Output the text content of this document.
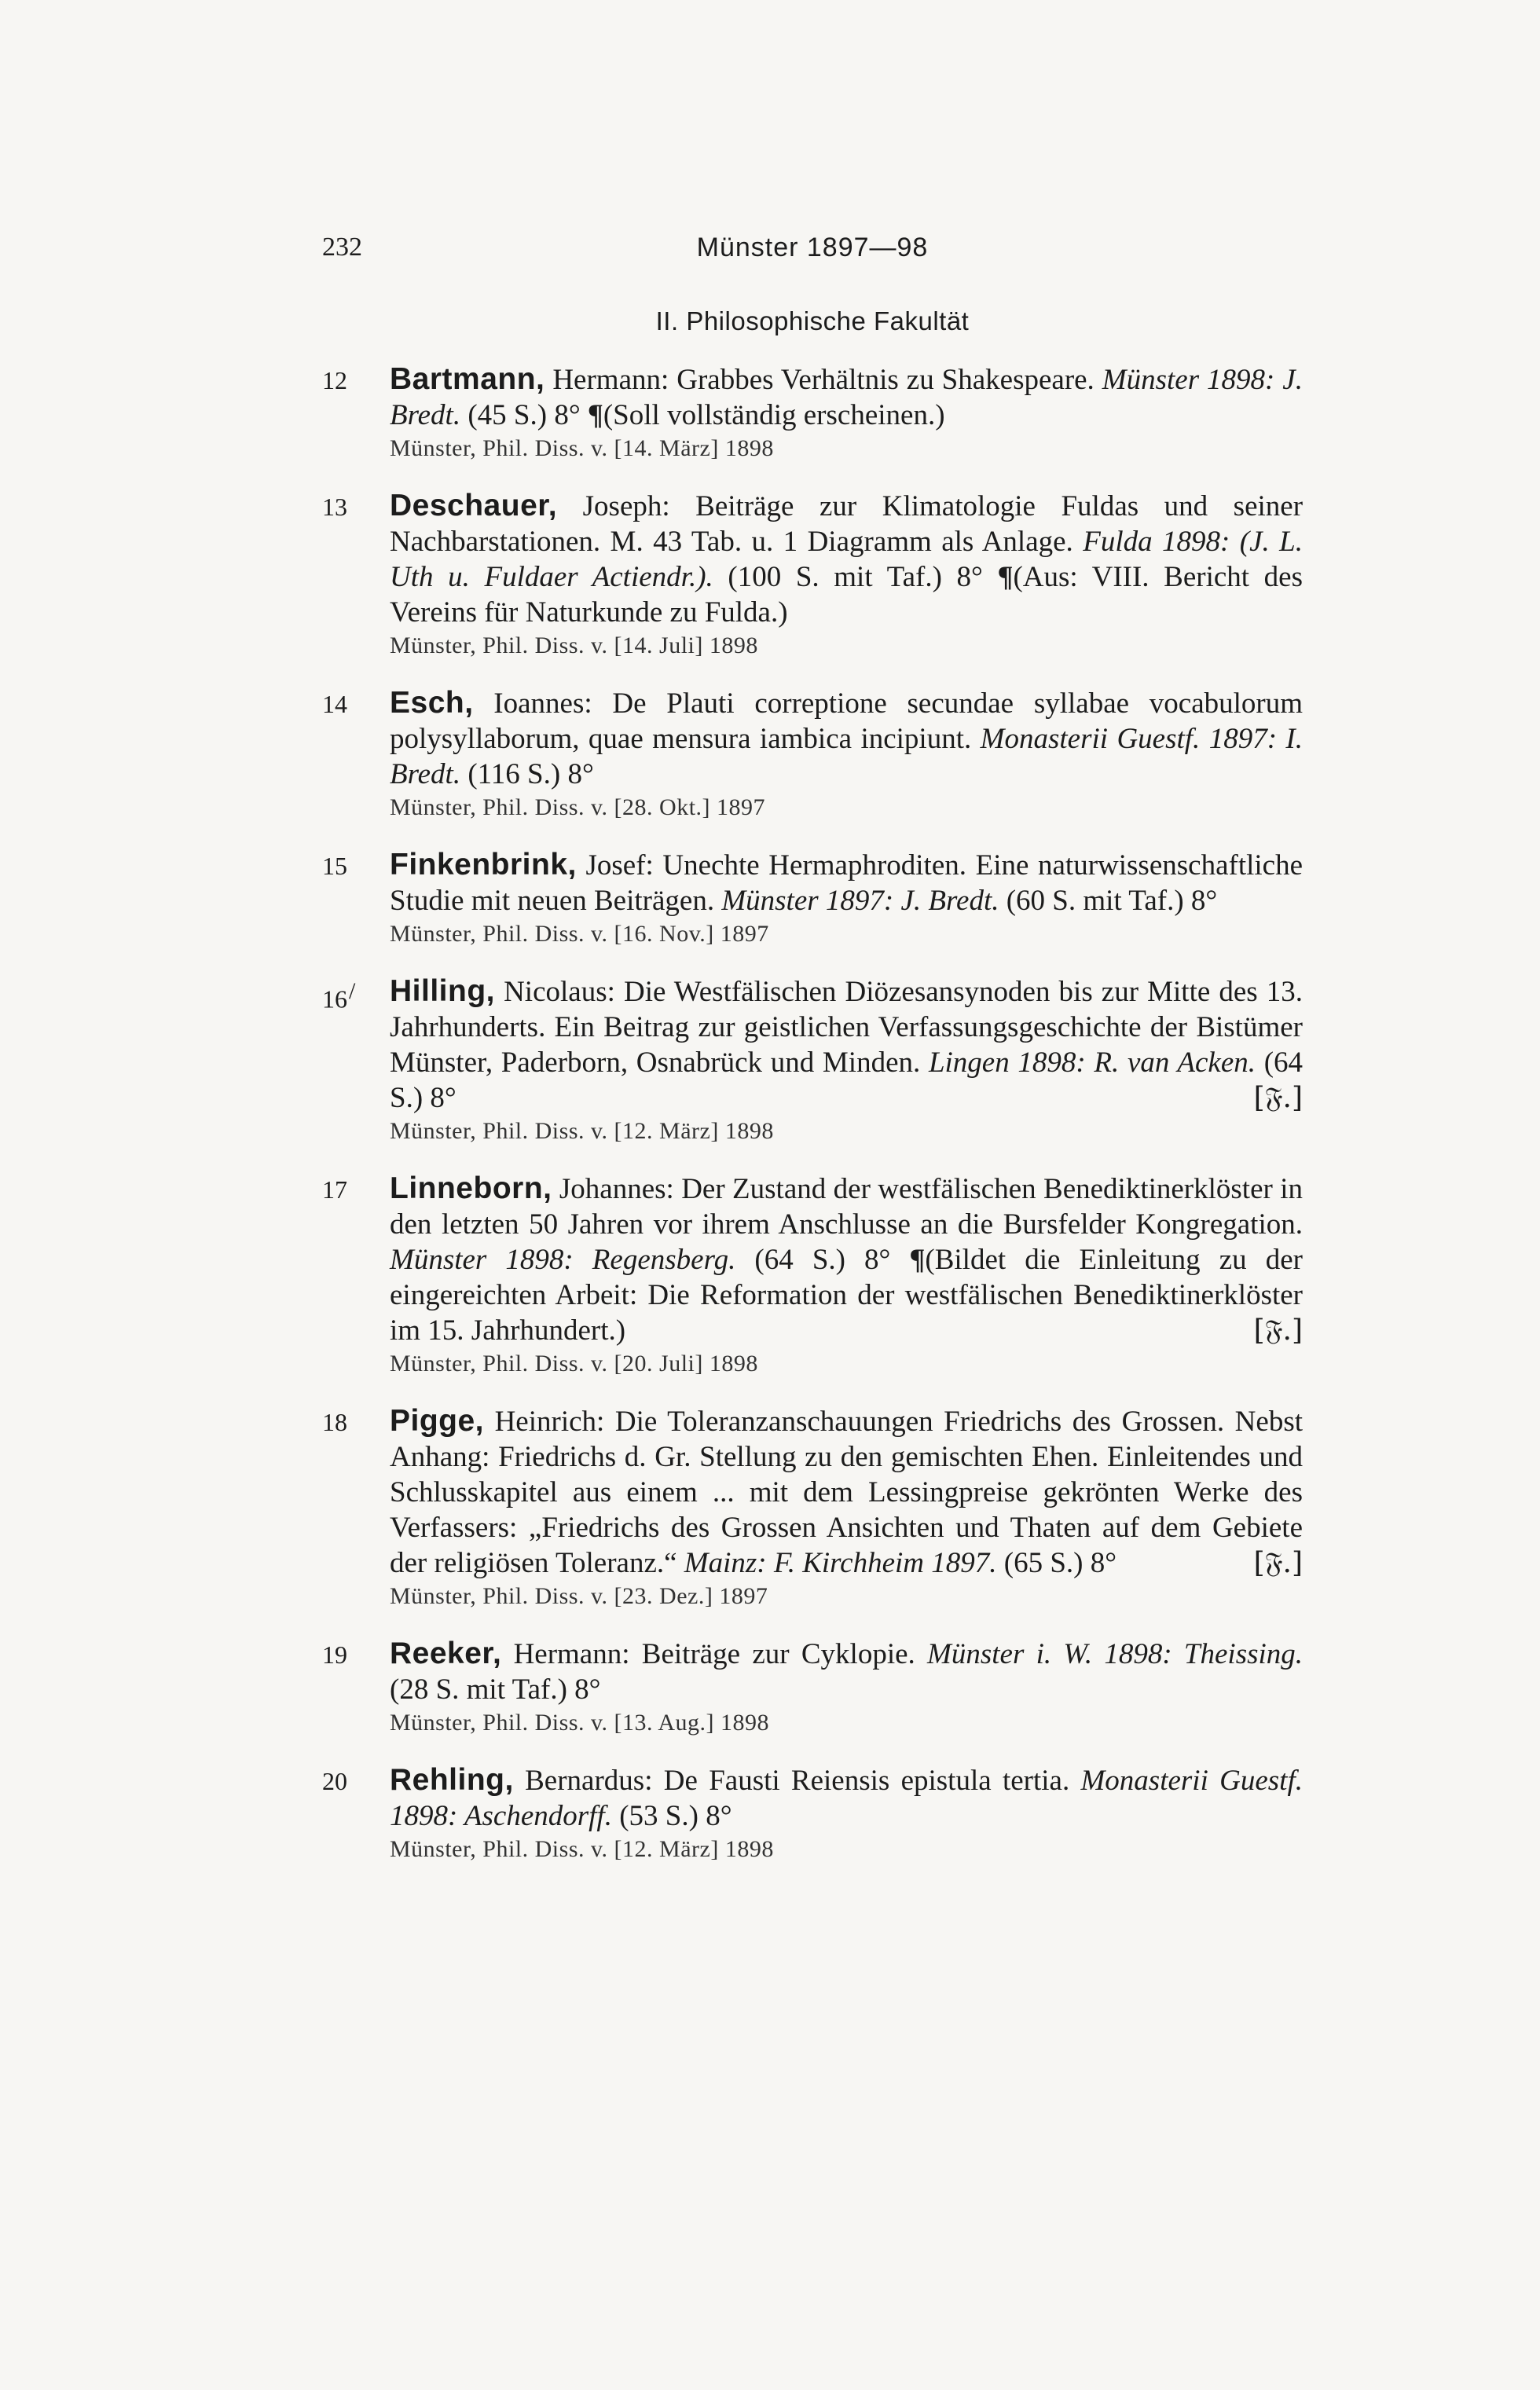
232	Münster 1897—98
II. Philosophische Fakultät
12 Bartmann, Hermann: Grabbes Verhältnis zu Shakespeare. Münster 1898: J. Bredt. (45 S.) 8° ¶(Soll vollständig erscheinen.)
Münster, Phil. Diss. v. [14. März] 1898
13 Deschauer, Joseph: Beiträge zur Klimatologie Fuldas und seiner Nachbarstationen. M. 43 Tab. u. 1 Diagramm als Anlage. Fulda 1898: (J. L. Uth u. Fuldaer Actiendr.). (100 S. mit Taf.) 8° ¶(Aus: VIII. Bericht des Vereins für Naturkunde zu Fulda.)
Münster, Phil. Diss. v. [14. Juli] 1898
14 Esch, Ioannes: De Plauti correptione secundae syllabae vocabulorum polysyllaborum, quae mensura iambica incipiunt. Monasterii Guestf. 1897: I. Bredt. (116 S.) 8°
Münster, Phil. Diss. v. [28. Okt.] 1897
15 Finkenbrink, Josef: Unechte Hermaphroditen. Eine naturwissenschaftliche Studie mit neuen Beiträgen. Münster 1897: J. Bredt. (60 S. mit Taf.) 8°
Münster, Phil. Diss. v. [16. Nov.] 1897
16/ Hilling, Nicolaus: Die Westfälischen Diözesansynoden bis zur Mitte des 13. Jahrhunderts. Ein Beitrag zur geistlichen Verfassungsgeschichte der Bistümer Münster, Paderborn, Osnabrück und Minden. Lingen 1898: R. van Acken. (64 S.) 8°	[𝔉.]
Münster, Phil. Diss. v. [12. März] 1898
17 Linneborn, Johannes: Der Zustand der westfälischen Benediktinerklöster in den letzten 50 Jahren vor ihrem Anschlusse an die Bursfelder Kongregation. Münster 1898: Regensberg. (64 S.) 8° ¶(Bildet die Einleitung zu der eingereichten Arbeit: Die Reformation der westfälischen Benediktinerklöster im 15. Jahrhundert.)	[𝔉.]
Münster, Phil. Diss. v. [20. Juli] 1898
18 Pigge, Heinrich: Die Toleranzanschauungen Friedrichs des Grossen. Nebst Anhang: Friedrichs d. Gr. Stellung zu den gemischten Ehen. Einleitendes und Schlusskapitel aus einem ... mit dem Lessingpreise gekrönten Werke des Verfassers: „Friedrichs des Grossen Ansichten und Thaten auf dem Gebiete der religiösen Toleranz.“ Mainz: F. Kirchheim 1897. (65 S.) 8°	[𝔉.]
Münster, Phil. Diss. v. [23. Dez.] 1897
19 Reeker, Hermann: Beiträge zur Cyklopie. Münster i. W. 1898: Theissing. (28 S. mit Taf.) 8°
Münster, Phil. Diss. v. [13. Aug.] 1898
20 Rehling, Bernardus: De Fausti Reiensis epistula tertia. Monasterii Guestf. 1898: Aschendorff. (53 S.) 8°
Münster, Phil. Diss. v. [12. März] 1898
